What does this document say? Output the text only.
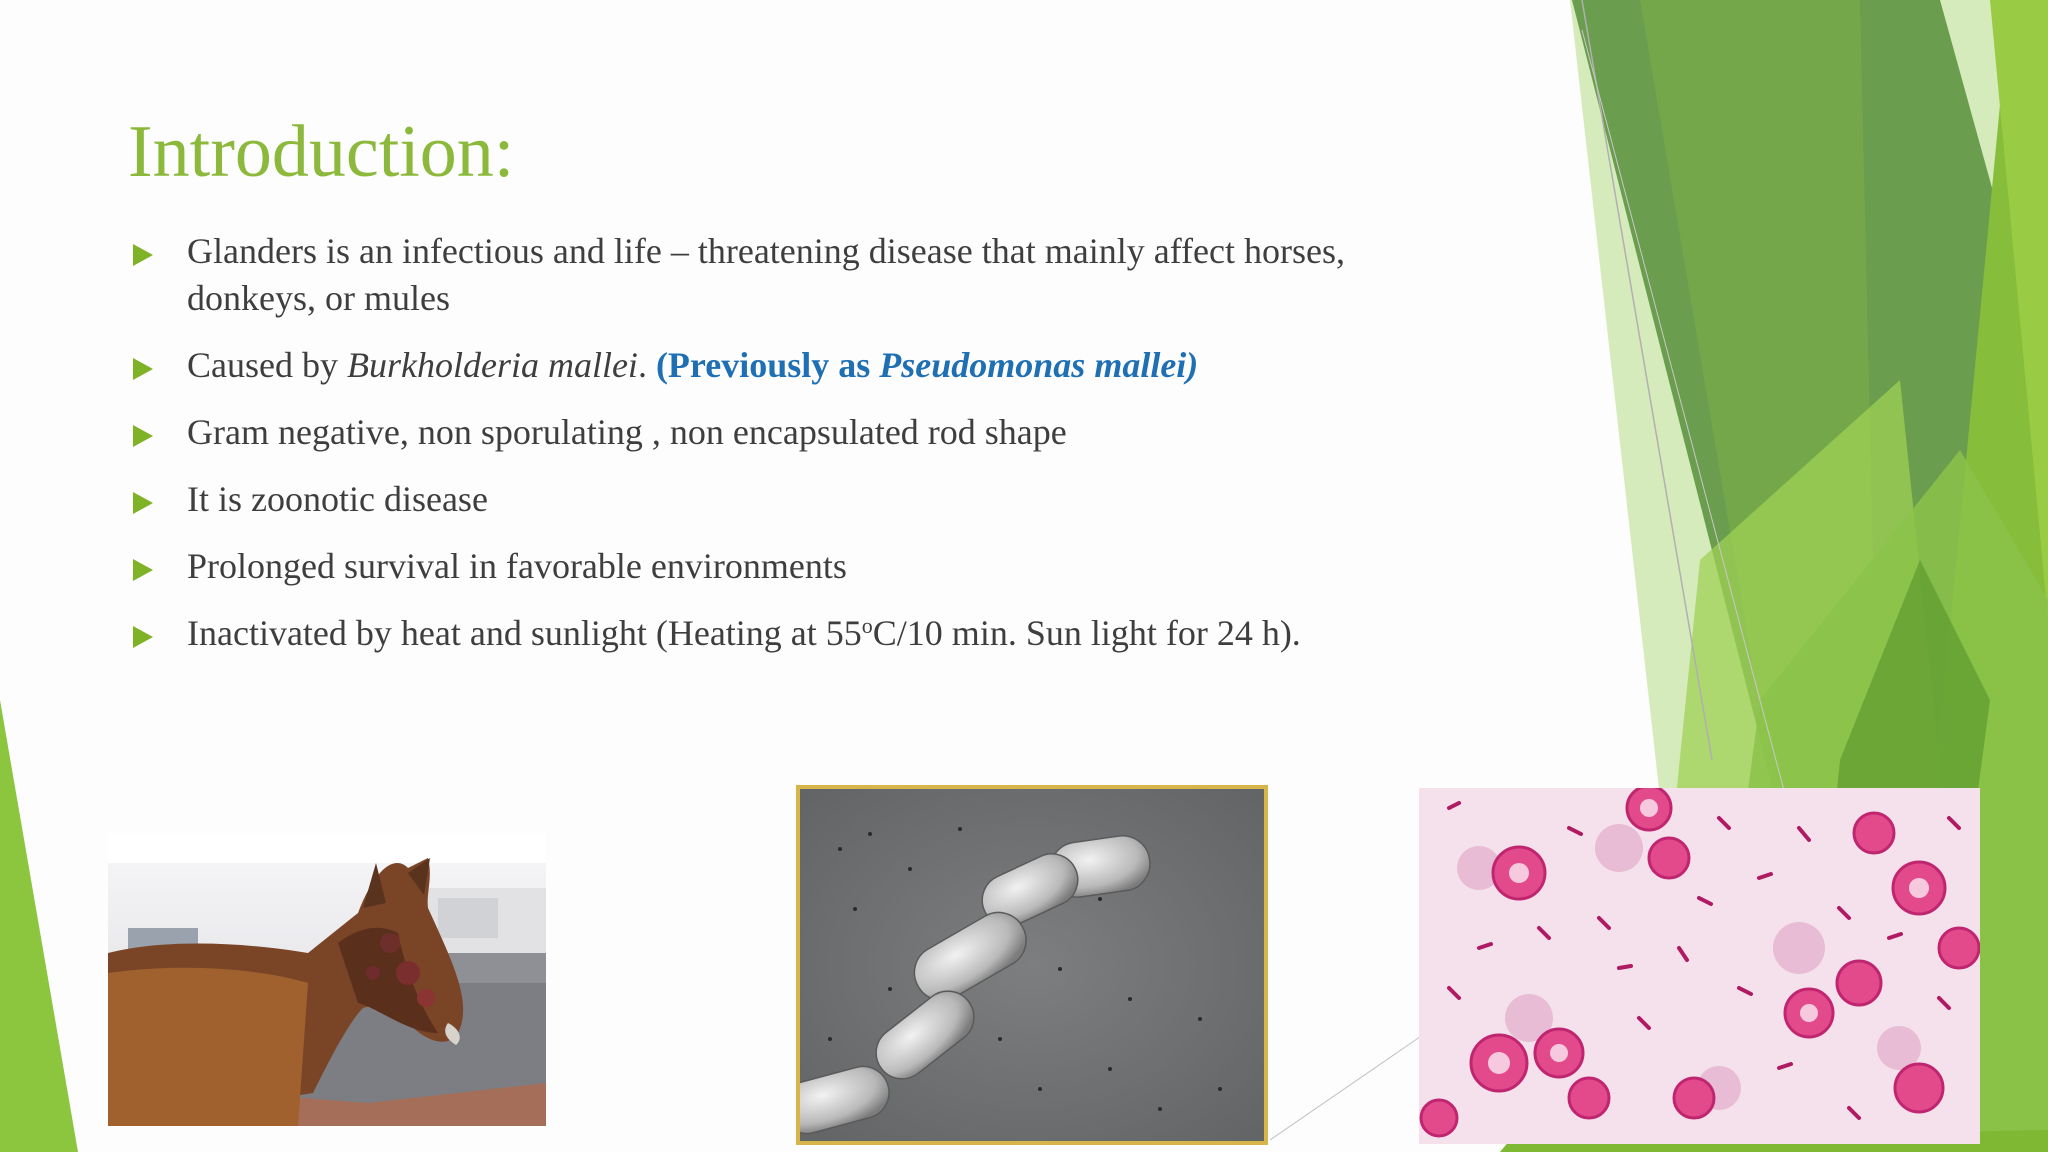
Introduction:
Glanders is an infectious and life – threatening disease that mainly affect horses,
donkeys, or mules
Caused by Burkholderia mallei. (Previously as Pseudomonas mallei)
Gram negative, non sporulating , non encapsulated rod shape
It is zoonotic disease
Prolonged survival in favorable environments
Inactivated by heat and sunlight (Heating at 55$^o$C/10 min. Sun light for 24 h).
